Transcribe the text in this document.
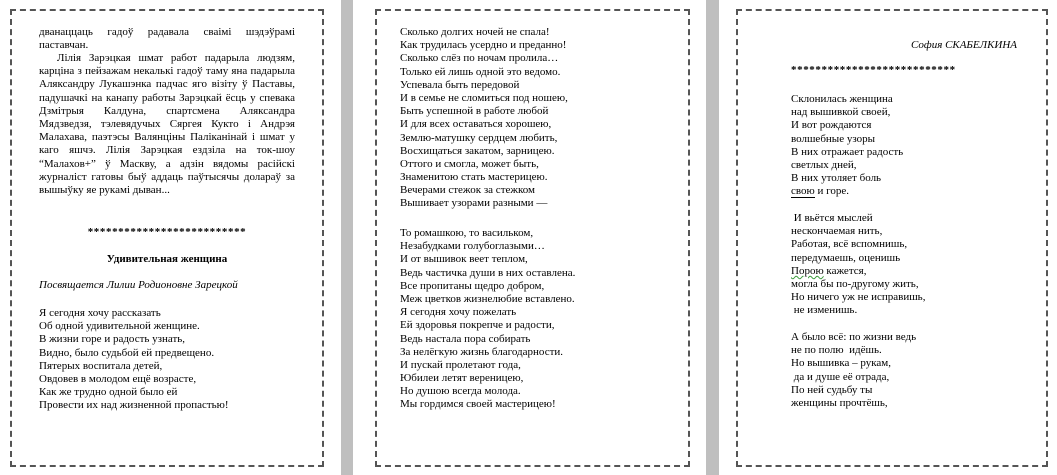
дванаццаць гадоў радавала сваімі шэдэўрамі паставчан.

Лілія Зарэцкая шмат работ падарыла людзям, карціна з пейзажам некалькі гадоў таму яна падарыла Аляксандру Лукашэнка падчас яго візіту ў Паставы, падушачкі на канапу работы Зарэцкай ёсць у спевака Дзмітрыя Калдуна, спартсмена Аляксандра Мядзведзя, тэлевядучых Сяргея Кукто і Андрэя Малахава, паэтэсы Валянціны Паліканінай і шмат у каго яшчэ. Лілія Зарэцкая ездзіла на ток-шоу “Малахов+” ў Маскву, а адзін вядомы расійскі журналіст гатовы быў аддаць паўтысячы долараў за вышыўку яе рукамі дыван...

**************************
Удивительная женщина
Посвящается Лилии Родионовне Зарецкой
Я сегодня хочу рассказать
Об одной удивительной женщине.
В жизни горе и радость узнать,
Видно, было судьбой ей предвещено.
Пятерых воспитала детей,
Овдовев в молодом ещё возрасте,
Как же трудно одной было ей
Провести их над жизненной пропастью!
Сколько долгих ночей не спала!
Как трудилась усердно и преданно!
Сколько слёз по ночам пролила…
Только ей лишь одной это ведомо.
Успевала быть передовой
И в семье не сломиться под ношею,
Быть успешной в работе любой
И для всех оставаться хорошею,
Землю-матушку сердцем любить,
Восхищаться закатом, зарницею.
Оттого и смогла, может быть,
Знаменитою стать мастерицею.
Вечерами стежок за стежком
Вышивает узорами разными —
То ромашкою, то васильком,
Незабудками голубоглазыми…
И от вышивок веет теплом,
Ведь частичка души в них оставлена.
Все пропитаны щедро добром,
Меж цветков жизнелюбие вставлено.
Я сегодня хочу пожелать
Ей здоровья покрепче и радости,
Ведь настала пора собирать
За нелёгкую жизнь благодарности.
И пускай пролетают года,
Юбилеи летят вереницею,
Но душою всегда молода.
Мы гордимся своей мастерицею!
София СКАБЕЛКИНА
***************************
Склонилась женщина
над вышивкой своей,
И вот рождаются
волшебные узоры
В них отражает радость
светлых дней,
В них утоляет боль
свою и горе.
И вьётся мыслей
нескончаемая нить,
Работая, всё вспомнишь,
передумаешь, оценишь
Порою кажется,
могла бы по-другому жить,
Но ничего уж не исправишь,
не изменишь.
А было всё: по жизни ведь
не по полю  идёшь.
Но вышивка – рукам,
да и душе её отрада,
По ней судьбу ты
женщины прочтёшь,
